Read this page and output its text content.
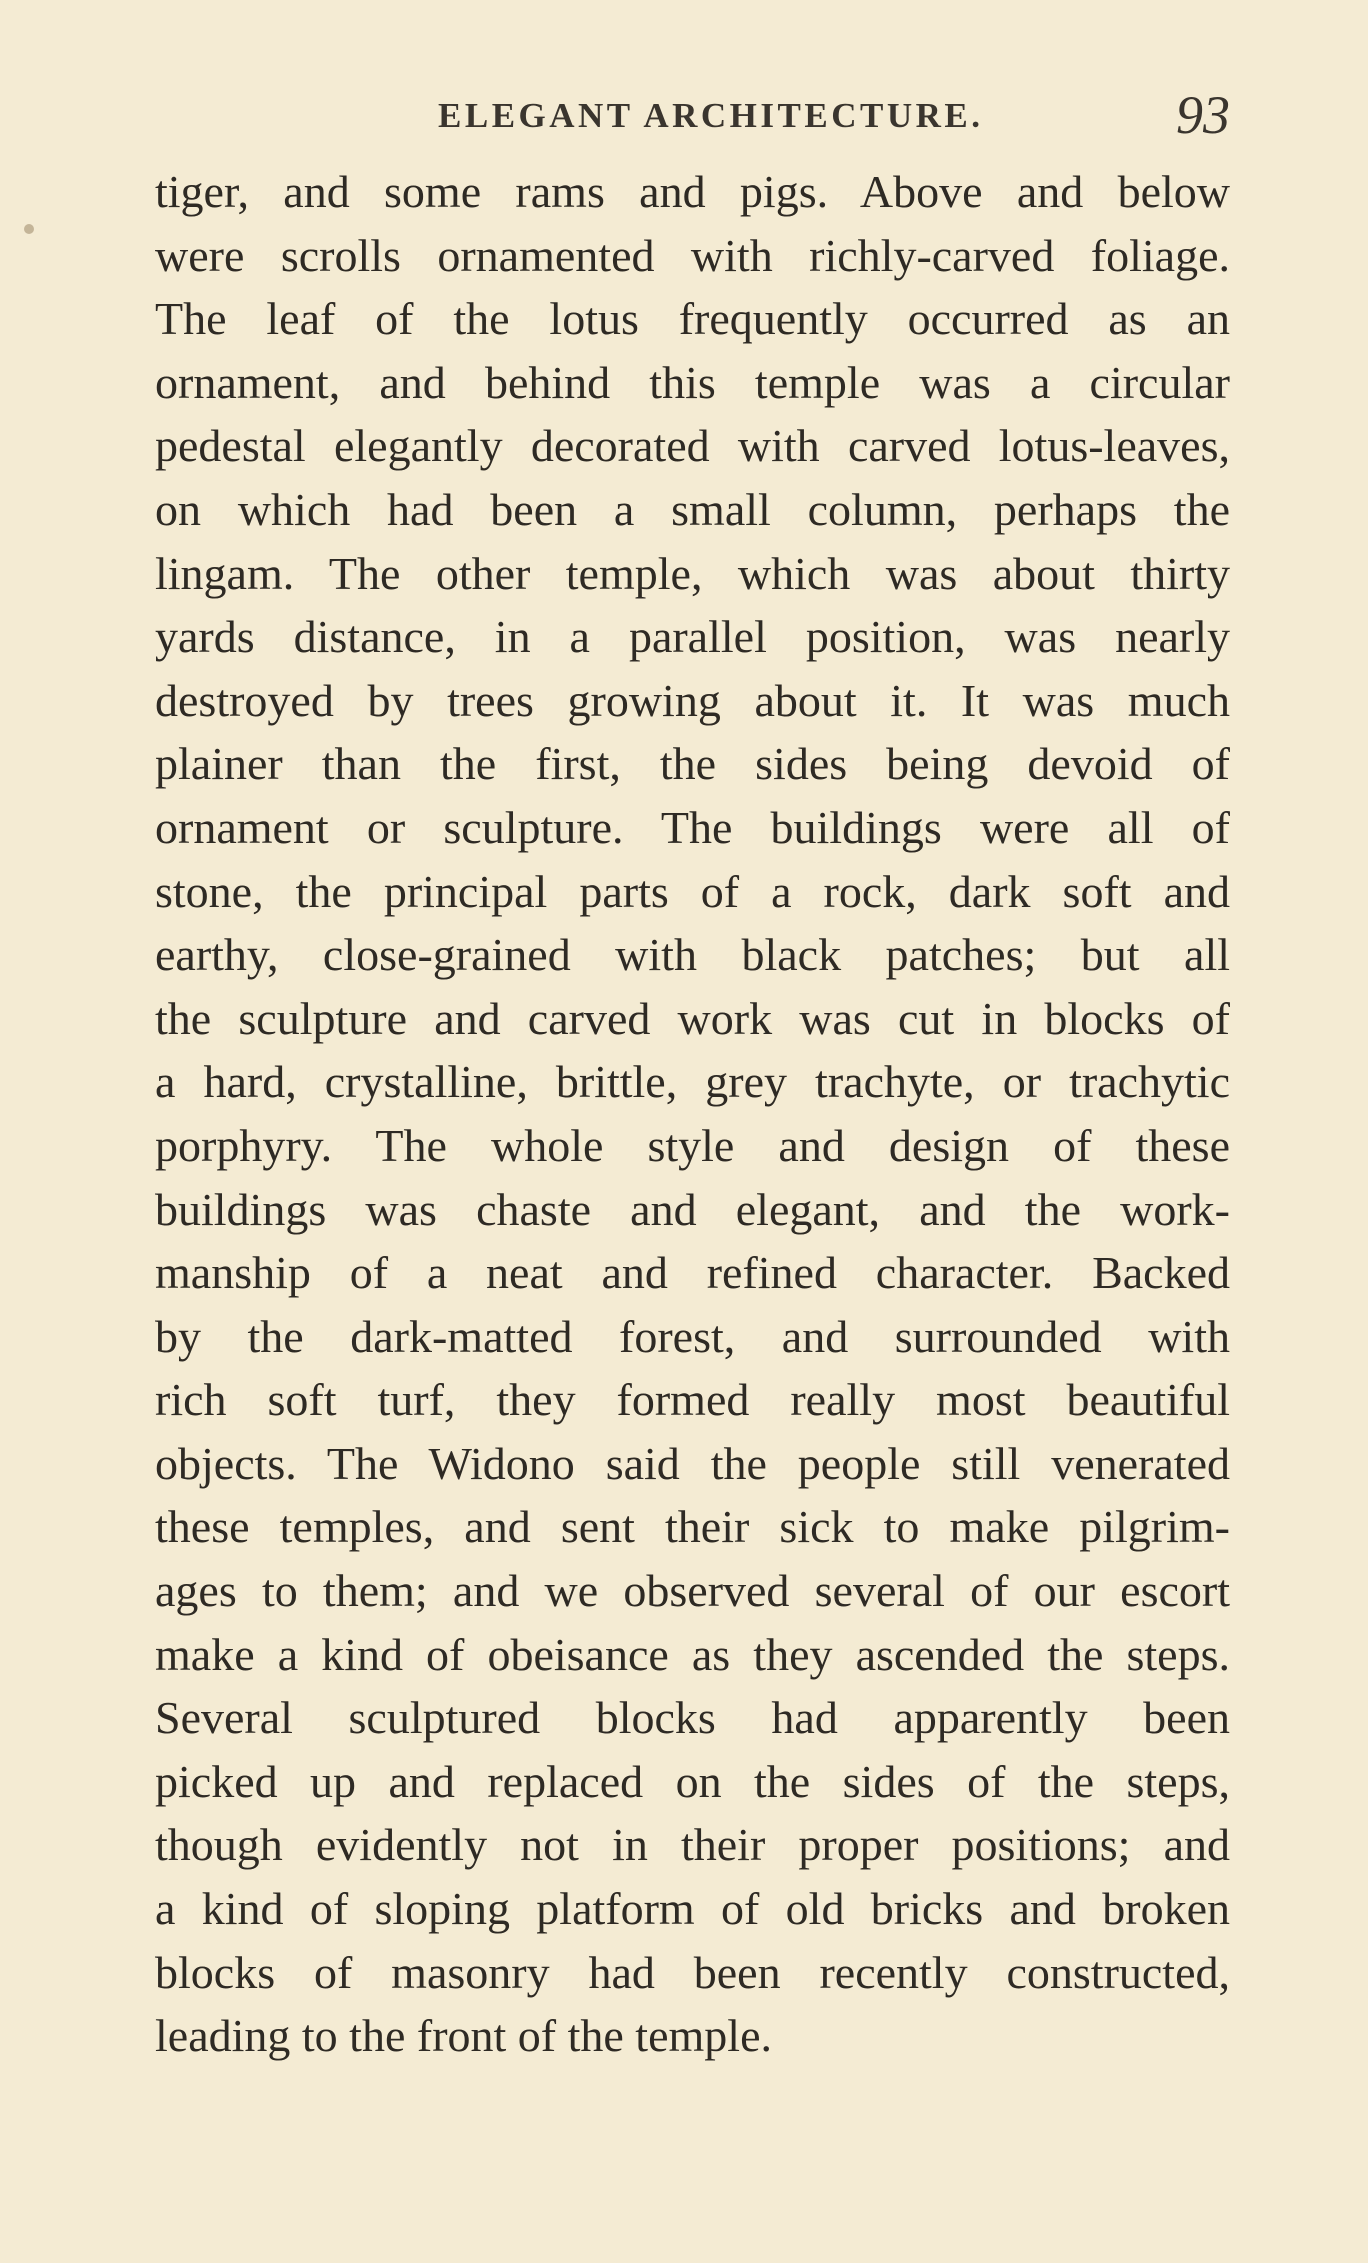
ELEGANT ARCHITECTURE.	93
tiger, and some rams and pigs. Above and below
were scrolls ornamented with richly-carved foliage.
The leaf of the lotus frequently occurred as an
ornament, and behind this temple was a circular
pedestal elegantly decorated with carved lotus-leaves,
on which had been a small column, perhaps the
lingam. The other temple, which was about thirty
yards distance, in a parallel position, was nearly
destroyed by trees growing about it. It was much
plainer than the first, the sides being devoid of
ornament or sculpture. The buildings were all of
stone, the principal parts of a rock, dark soft and
earthy, close-grained with black patches; but all
the sculpture and carved work was cut in blocks of
a hard, crystalline, brittle, grey trachyte, or trachytic
porphyry. The whole style and design of these
buildings was chaste and elegant, and the work-
manship of a neat and refined character. Backed
by the dark-matted forest, and surrounded with
rich soft turf, they formed really most beautiful
objects. The Widono said the people still venerated
these temples, and sent their sick to make pilgrim-
ages to them; and we observed several of our escort
make a kind of obeisance as they ascended the steps.
Several sculptured blocks had apparently been
picked up and replaced on the sides of the steps,
though evidently not in their proper positions; and
a kind of sloping platform of old bricks and broken
blocks of masonry had been recently constructed,
leading to the front of the temple.
